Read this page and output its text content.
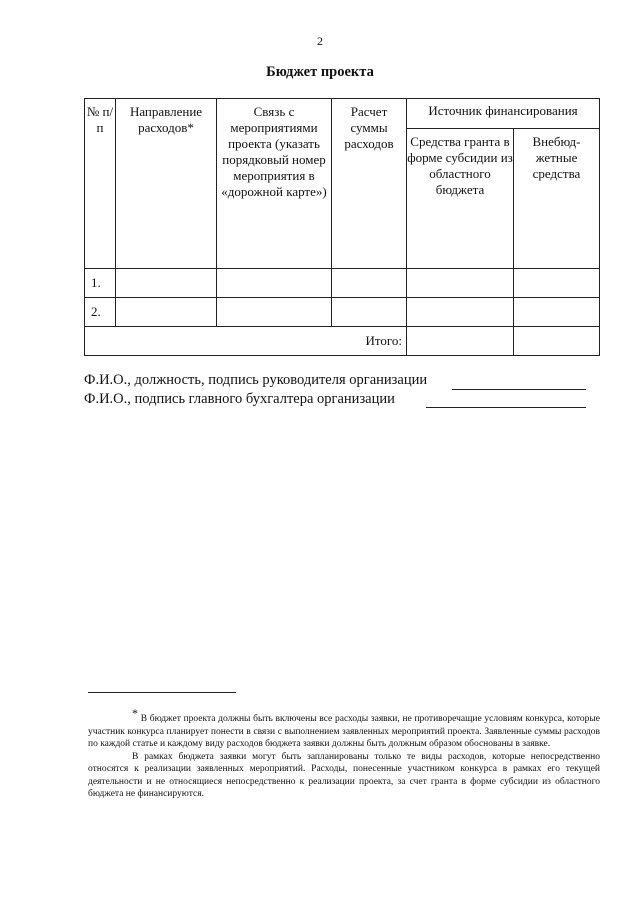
2
Бюджет проекта
№ п/п	Направление расходов*	Связь с мероприятиями проекта (указать порядковый номер мероприятия в «дорожной карте»)	Расчет суммы расходов	Источник финансирования	

				Средства гранта в форме субсидии из областного бюджета	Внебюд-жетные средства

1.					
2.					
Итого:					
Ф.И.О., должность, подпись руководителя организации
Ф.И.О., подпись главного бухгалтера организации

* В бюджет проекта должны быть включены все расходы заявки, не противоречащие условиям конкурса, которые участник конкурса планирует понести в связи с выполнением заявленных мероприятий проекта. Заявленные суммы расходов по каждой статье и каждому виду расходов бюджета заявки должны быть должным образом обоснованы в заявке.

В рамках бюджета заявки могут быть запланированы только те виды расходов, которые непосредственно относятся к реализации заявленных мероприятий. Расходы, понесенные участником конкурса в рамках его текущей деятельности и не относящиеся непосредственно к реализации проекта, за счет гранта в форме субсидии из областного бюджета не финансируются.
